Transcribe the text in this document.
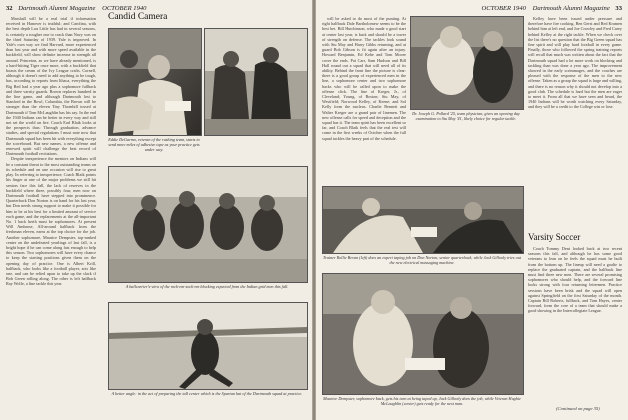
32 Dartmouth Alumni Magazine OCTOBER 1940

Marshall will be a real trial if information received in Hanover is truthful; and Carolina, with the best depth Lou Little has had in several seasons, is certainly a rougher one to crack than Navy was on the third Saturday of 1939. Yale is improved. In Yale's own way we find Harvard, more experienced than last year and with more speed available in the backfield, will show definite increase in strength all around. Princeton, as we have already mentioned, is a hard-hitting Tiger once more, with a backfield that boasts the cream of the Ivy League crafts. Cornell, although it doesn't need to add anything to be tough, has, according to reports from Ithaca, everything the Big Red had a year ago plus a sophomore fullback and three varsity guards. Brown replaces hundred in the line game, and although Dartmouth lost to Stanford in the Bowl, Columbia, the Brown will be stronger than the eleven Tiny Thornhill tossed at Dartmouth if Tom McLaughlin has his say. In the end the 1940 Indians can be better in every way and still not set the world on fire. Coach Earl Blaik looks at the prospects thus: Through graduation, advance studies, and special regulations I must note now that Dartmouth squad has been hit with everything except the scoreboard. But new names, a new offense and renewed spirit will challenge the best record of Dartmouth football recitations.

Despite inexperience the mentors on Indians will be a constant threat to the most outstanding teams on its schedule and on one occasion will rise to great play. In referring to inexperience, Coach Blaik points his finger at one of the major problems we still hit seniors face this fall, the lack of reserves in the backfield where three, possibly four, men now on Dartmouth football have stepped into prominence. Quarterback Don Norton is on hand for his last year, but Don needs strong support to make it possible for him to be at his best for a limited amount of service each game, and the replacements at the all-important No. 1 back berth must be sophomores. At present Will Ambrose, All-around halfback from the freshman eleven, earns at the top choice for the job. Another sophomore, Maurice Dempster, top-ranked center on the undefeated yearlings of last fall, is a bright hope if he can come along fast enough to help this season. Two sophomores will have every chance to keep the starting positions given them on the opening day of practice. One is Albert Krill, halfback, who looks like a football player, acts like one, and can be relied upon to take up the slack if Bob Green rolling along. The other is left halfback Ray Wolfe, a line tackle this year.

Candid Camera
Eddie DeGarmo, veteran of the rushing team, starts to send more miles of adhesive tape as your practice gets under way.
A ballcarrier's-view of the rock-em-sock-em blocking expected from the Indian grid men this fall.
A better angle: in the act of preparing the tall center which is the Spartan hat of the Dartmouth squad at practice.
OCTOBER 1940 Dartmouth Alumni Magazine 33

will be asked to do most of the punting. At right halfback Dale Bartholomew seems to be the best bet. Bill Hutchinson, who made a good start at center last year, is back and should be a tower of strength on defense. The tackles look sound with Stu May and Harry Gibbs returning, and at guard Bob Gibson is fit again after an injury. Howard Benjamin, Ed Kebe and Tom Moore cover the ends. Pat Carr, Sam Hudson and Bill Hall round out a squad that will need all of its ability. Behind the front line the picture is clear: there is a good group of experienced men in the line, a sophomore center and two sophomore backs who will be called upon to make the offense click. The line of Kreger, Jr., of Cleveland; Young, of Boston; Stu May, of Westfield; Norwood Kelley, of Keene; and Sol Kelly form the nucleus. Charlie Bennett and Walter Kreger are a grand pair of linemen. The new offense calls for speed and deception and the squad has it. The team spirit has been excellent so far, and Coach Blaik feels that the real test will come in the first weeks of October when the full squad tackles the heavy part of the schedule.

Kelley have been issued under pressure and therefore have fire cooking. Ben Gerst and Red Kramen behind him at left end, and Joe Crowley and Fred Carey behind Kelley at the right tackle. When we check over the list there's no question that the Big Green squad has fine spirit and will play hard football in every game. Finally, those who followed the spring training reports will recall that much was written about the fact that the Dartmouth squad had a lot more work on blocking and tackling than was done a year ago. The improvement showed in the early scrimmages, and the coaches are pleased with the response of the men to the new offense. Taken as a group the squad is large and willing, and there is no reason why it should not develop into a good club. The schedule is hard but the men are eager to meet it. From all that we have seen and heard, the 1940 Indians will be worth watching every Saturday, and they will be a credit to the College win or lose.

Dr. Joseph G. Pollard '25, team physician, gives an opening day examination to Stu May '41, likely choice for regular tackle.
Trainer Rollie Bevan (left) does an expert taping job on Don Norton, senior quarterback, while Jack Gillooly tries out the new electrical massaging machine.
Maurice Dempster, sophomore back, gets his turn at being taped up, Jack Gillooly does the job, while Veteran Hughie McLaughlin (center) gets ready for the next man.
Varsity Soccer

Coach Tommy Dent looked back at two recent seasons this fall, and although he has some good veterans to lean on he feels the squad must be built from the bottom up. The lineup will need a goalie to replace the graduated captain, and the halfback line must find three new men. There are several promising sophomores who should help, and the forward line looks strong with four returning lettermen. Practice sessions have been brisk and the squad will open against Springfield on the first Saturday of the month. Captain Bill Roberts, fullback, and Tom Hayes, center forward, form the core of a team that should make a good showing in the Intercollegiate League.

(Continued on page 35)
